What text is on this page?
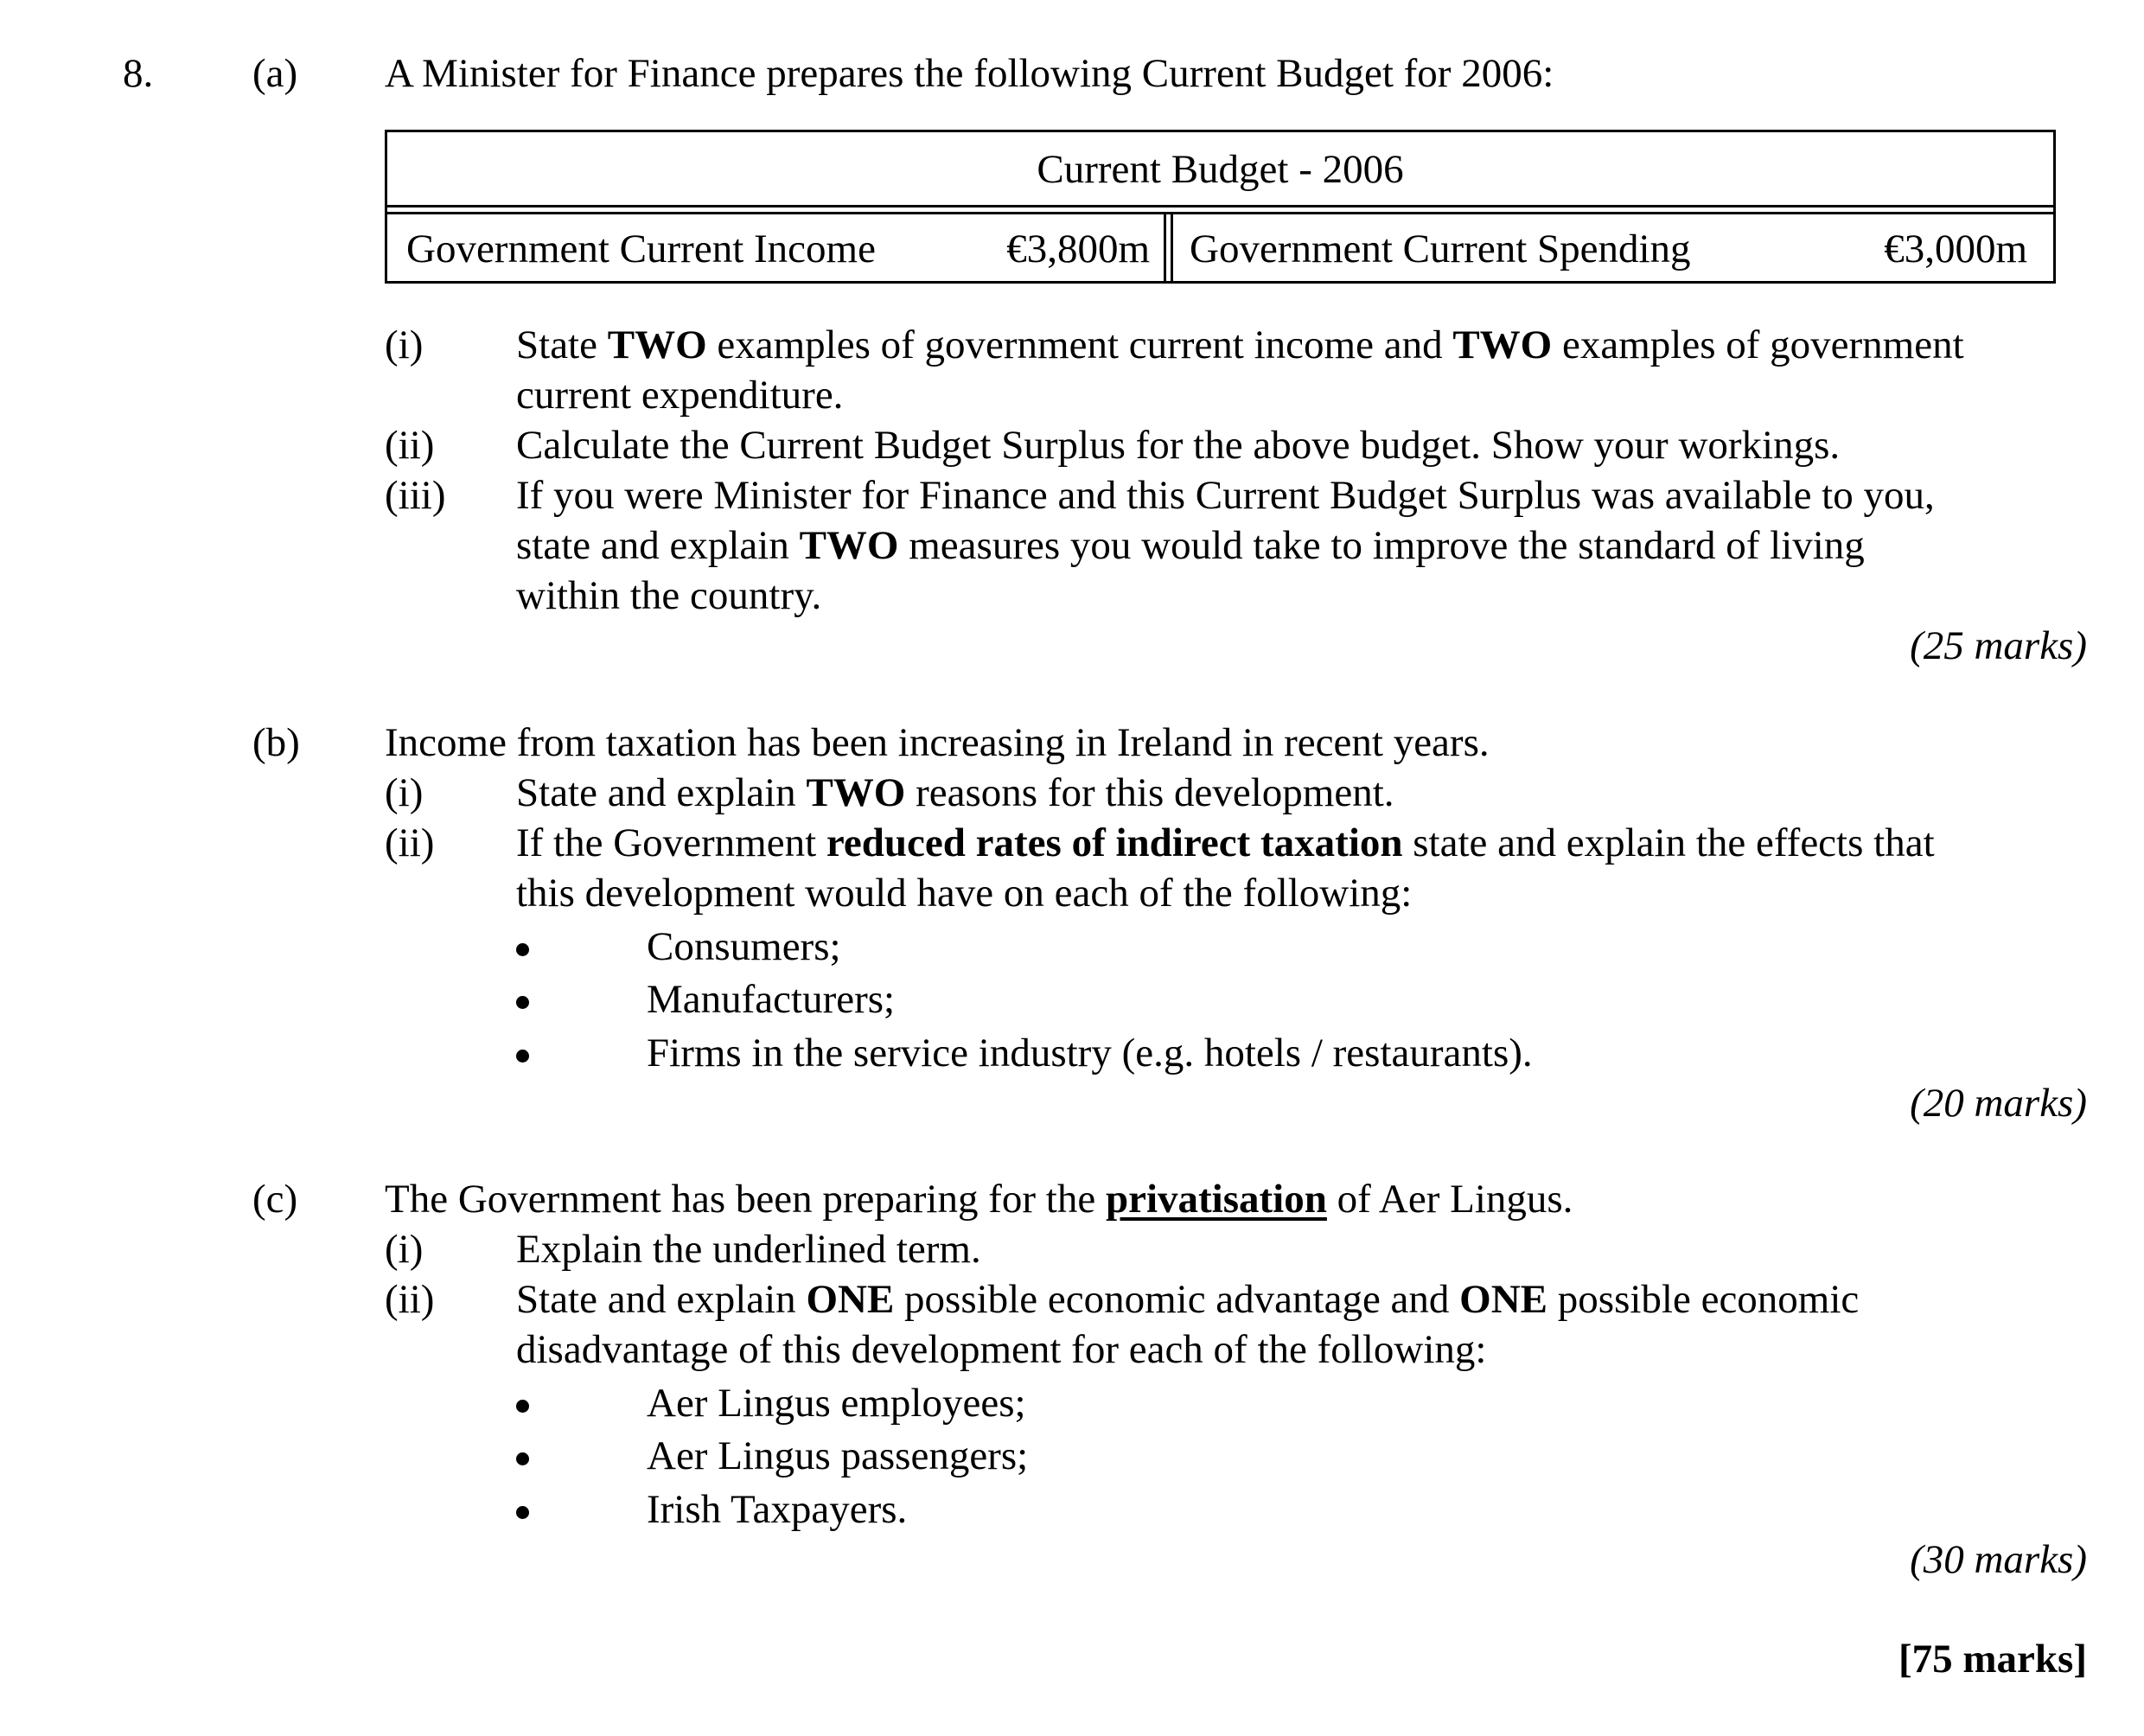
8. (a) A Minister for Finance prepares the following Current Budget for 2006:
Current Budget - 2006
Government Current Income	€3,800m Government Current Spending	€3,000m
(i) State TWO examples of government current income and TWO examples of government
current expenditure.
(ii) Calculate the Current Budget Surplus for the above budget. Show your workings.
(iii) If you were Minister for Finance and this Current Budget Surplus was available to you,
state and explain TWO measures you would take to improve the standard of living
within the country.
(25 marks)
(b) Income from taxation has been increasing in Ireland in recent years.
(i) State and explain TWO reasons for this development.
(ii) If the Government reduced rates of indirect taxation state and explain the effects that
this development would have on each of the following:
Consumers;
Manufacturers;
Firms in the service industry (e.g. hotels / restaurants).
(20 marks)
(c) The Government has been preparing for the privatisation of Aer Lingus.
(i) Explain the underlined term.
(ii) State and explain ONE possible economic advantage and ONE possible economic
disadvantage of this development for each of the following:
Aer Lingus employees;
Aer Lingus passengers;
Irish Taxpayers.
(30 marks)
[75 marks]
